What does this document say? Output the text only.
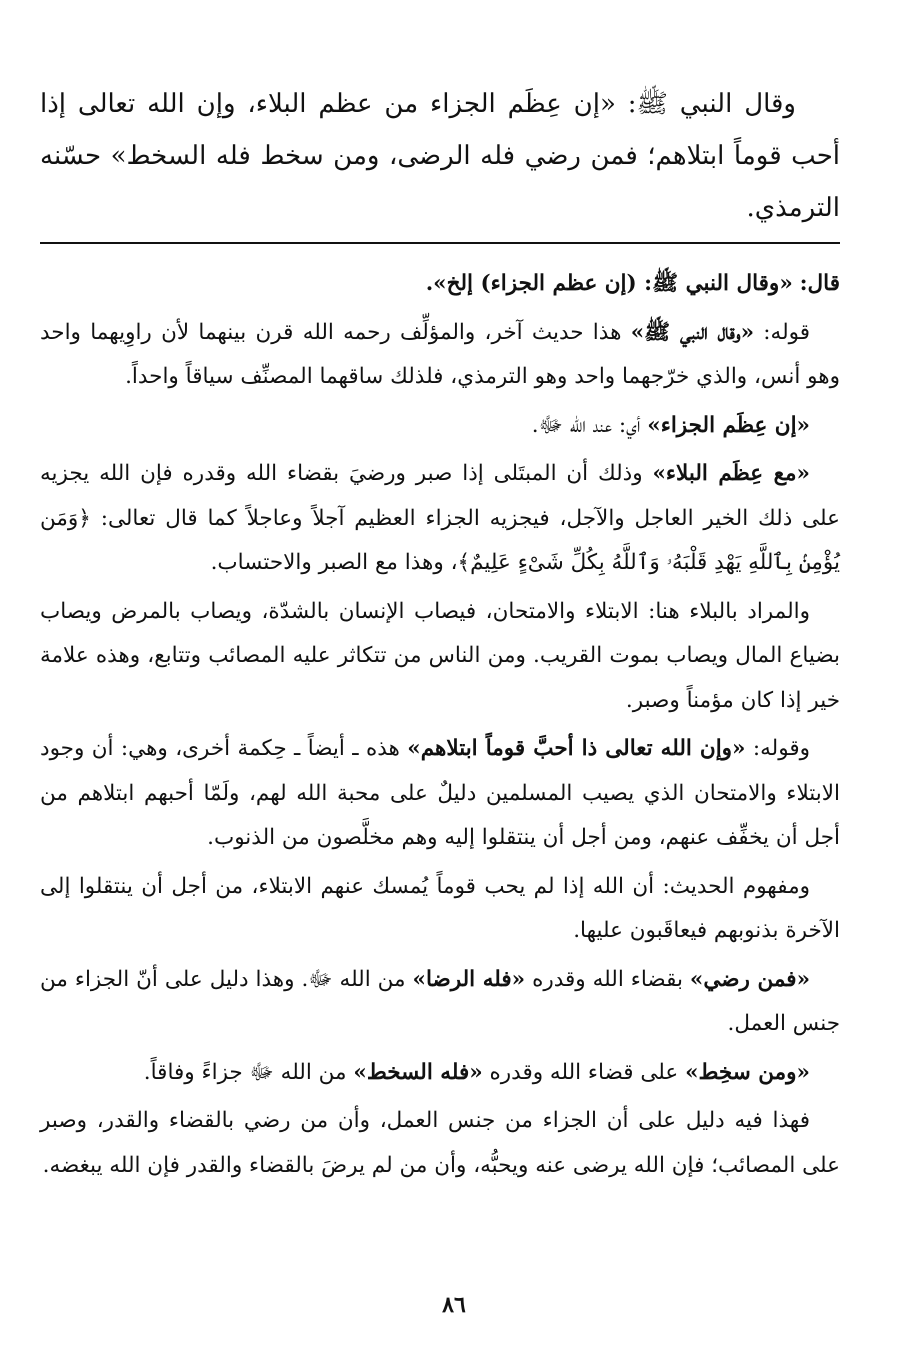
وقال النبي ﷺ: «إن عِظَم الجزاء من عظم البلاء، وإن الله تعالى إذا أحب قوماً ابتلاهم؛ فمن رضي فله الرضى، ومن سخط فله السخط» حسّنه الترمذي.

قال: «وقال النبي ﷺ: (إن عظم الجزاء) إلخ».

قوله: «وقال النبي ﷺ» هذا حديث آخر، والمؤلِّف رحمه الله قرن بينهما لأن راوِيهما واحد وهو أنس، والذي خرّجهما واحد وهو الترمذي، فلذلك ساقهما المصنِّف سياقاً واحداً.

«إن عِظَم الجزاء» أي: عند الله ﷻ.

«مع عِظَم البلاء» وذلك أن المبتَلى إذا صبر ورضيَ بقضاء الله وقدره فإن الله يجزيه على ذلك الخير العاجل والآجل، فيجزيه الجزاء العظيم آجلاً وعاجلاً كما قال تعالى: ﴿وَمَن يُؤْمِنۢ بِٱللَّهِ يَهْدِ قَلْبَهُۥ وَٱللَّهُ بِكُلِّ شَىْءٍ عَلِيمٌ﴾، وهذا مع الصبر والاحتساب.

والمراد بالبلاء هنا: الابتلاء والامتحان، فيصاب الإنسان بالشدّة، ويصاب بالمرض ويصاب بضياع المال ويصاب بموت القريب. ومن الناس من تتكاثر عليه المصائب وتتابع، وهذه علامة خير إذا كان مؤمناً وصبر.

وقوله: «وإن الله تعالى ذا أحبَّ قوماً ابتلاهم» هذه ـ أيضاً ـ حِكمة أخرى، وهي: أن وجود الابتلاء والامتحان الذي يصيب المسلمين دليلٌ على محبة الله لهم، ولَمّا أحبهم ابتلاهم من أجل أن يخفِّف عنهم، ومن أجل أن ينتقلوا إليه وهم مخلَّصون من الذنوب.

ومفهوم الحديث: أن الله إذا لم يحب قوماً يُمسك عنهم الابتلاء، من أجل أن ينتقلوا إلى الآخرة بذنوبهم فيعاقَبون عليها.

«فمن رضي» بقضاء الله وقدره «فله الرضا» من الله ﷻ. وهذا دليل على أنّ الجزاء من جنس العمل.

«ومن سخِط» على قضاء الله وقدره «فله السخط» من الله ﷻ جزاءً وفاقاً.

فهذا فيه دليل على أن الجزاء من جنس العمل، وأن من رضي بالقضاء والقدر، وصبر على المصائب؛ فإن الله يرضى عنه ويحبُّه، وأن من لم يرضَ بالقضاء والقدر فإن الله يبغضه.

٨٦
